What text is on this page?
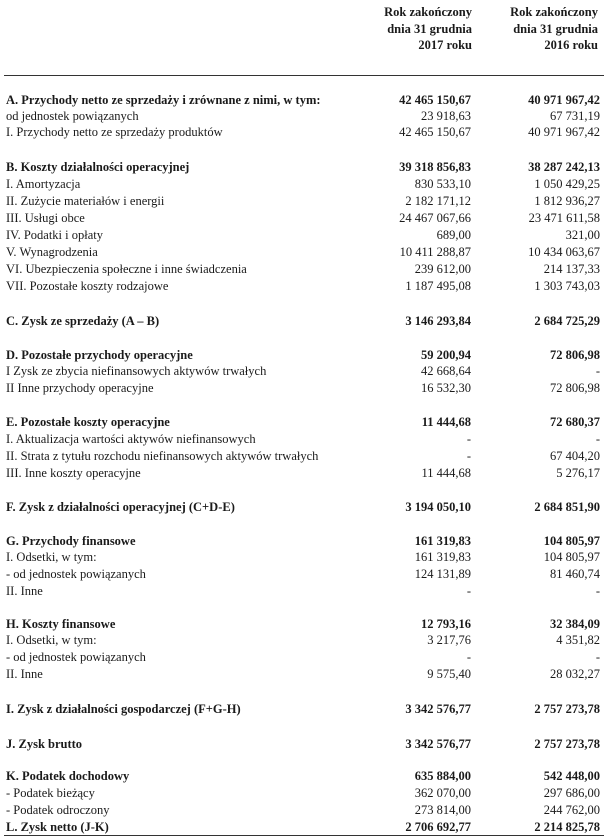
Rok zakończony
dnia 31 grudnia
2017 roku
Rok zakończony
dnia 31 grudnia
2016 roku
A. Przychody netto ze sprzedaży i zrównane z nimi, w tym:	42 465 150,67	40 971 967,42
od jednostek powiązanych	23 918,63	67 731,19
I. Przychody netto ze sprzedaży produktów	42 465 150,67	40 971 967,42
B. Koszty działalności operacyjnej	39 318 856,83	38 287 242,13
I. Amortyzacja	830 533,10	1 050 429,25
II. Zużycie materiałów i energii	2 182 171,12	1 812 936,27
III. Usługi obce	24 467 067,66	23 471 611,58
IV. Podatki i opłaty	689,00	321,00
V. Wynagrodzenia	10 411 288,87	10 434 063,67
VI. Ubezpieczenia społeczne i inne świadczenia	239 612,00	214 137,33
VII. Pozostałe koszty rodzajowe	1 187 495,08	1 303 743,03
C. Zysk ze sprzedaży (A – B)	3 146 293,84	2 684 725,29
D. Pozostałe przychody operacyjne	59 200,94	72 806,98
I Zysk ze zbycia niefinansowych aktywów trwałych	42 668,64	-
II Inne przychody operacyjne	16 532,30	72 806,98
E. Pozostałe koszty operacyjne	11 444,68	72 680,37
I. Aktualizacja wartości aktywów niefinansowych	-	-
II. Strata z tytułu rozchodu niefinansowych aktywów trwałych	-	67 404,20
III. Inne koszty operacyjne	11 444,68	5 276,17
F. Zysk z działalności operacyjnej (C+D-E)	3 194 050,10	2 684 851,90
G. Przychody finansowe	161 319,83	104 805,97
I. Odsetki, w tym:	161 319,83	104 805,97
- od jednostek powiązanych	124 131,89	81 460,74
II. Inne	-	-
H. Koszty finansowe	12 793,16	32 384,09
I. Odsetki, w tym:	3 217,76	4 351,82
- od jednostek powiązanych	-	-
II. Inne	9 575,40	28 032,27
I. Zysk z działalności gospodarczej (F+G-H)	3 342 576,77	2 757 273,78
J. Zysk brutto	3 342 576,77	2 757 273,78
K. Podatek dochodowy	635 884,00	542 448,00
- Podatek bieżący	362 070,00	297 686,00
- Podatek odroczony	273 814,00	244 762,00
L. Zysk netto (J-K)	2 706 692,77	2 214 825,78
